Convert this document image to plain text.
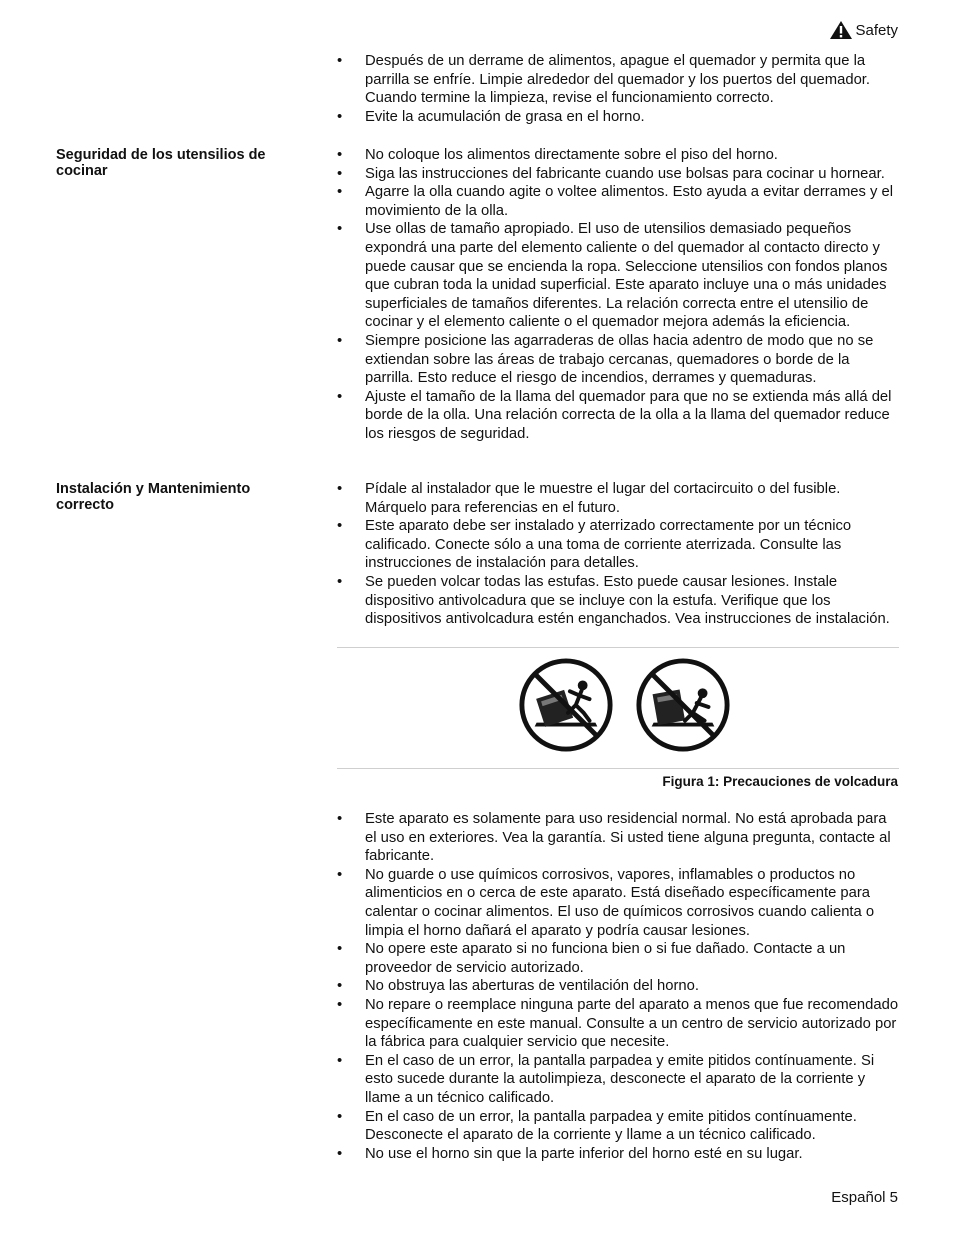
Safety
• Después de un derrame de alimentos, apague el quemador y permita que la parrilla se enfríe. Limpie alrededor del quemador y los puertos del quemador. Cuando termine la limpieza, revise el funcionamiento correcto.
• Evite la acumulación de grasa en el horno.
Seguridad de los utensilios de cocinar
• No coloque los alimentos directamente sobre el piso del horno.
• Siga las instrucciones del fabricante cuando use bolsas para cocinar u hornear.
• Agarre la olla cuando agite o voltee alimentos. Esto ayuda a evitar derrames y el movimiento de la olla.
• Use ollas de tamaño apropiado. El uso de utensilios demasiado pequeños expondrá una parte del elemento caliente o del quemador al contacto directo y puede causar que se encienda la ropa. Seleccione utensilios con fondos planos que cubran toda la unidad superficial. Este aparato incluye una o más unidades superficiales de tamaños diferentes. La relación correcta entre el utensilio de cocinar y el elemento caliente o el quemador mejora además la eficiencia.
• Siempre posicione las agarraderas de ollas hacia adentro de modo que no se extiendan sobre las áreas de trabajo cercanas, quemadores o borde de la parrilla. Esto reduce el riesgo de incendios, derrames y quemaduras.
• Ajuste el tamaño de la llama del quemador para que no se extienda más allá del borde de la olla. Una relación correcta de la olla a la llama del quemador reduce los riesgos de seguridad.
Instalación y Mantenimiento correcto
• Pídale al instalador que le muestre el lugar del cortacircuito o del fusible. Márquelo para referencias en el futuro.
• Este aparato debe ser instalado y aterrizado correctamente por un técnico calificado. Conecte sólo a una toma de corriente aterrizada. Consulte las instrucciones de instalación para detalles.
• Se pueden volcar todas las estufas. Esto puede causar lesiones. Instale dispositivo antivolcadura que se incluye con la estufa. Verifique que los dispositivos antivolcadura estén enganchados. Vea instrucciones de instalación.
Figura 1: Precauciones de volcadura
• Este aparato es solamente para uso residencial normal. No está aprobada para el uso en exteriores. Vea la garantía. Si usted tiene alguna pregunta, contacte al fabricante.
• No guarde o use químicos corrosivos, vapores, inflamables o productos no alimenticios en o cerca de este aparato. Está diseñado específicamente para calentar o cocinar alimentos. El uso de químicos corrosivos cuando calienta o limpia el horno dañará el aparato y podría causar lesiones.
• No opere este aparato si no funciona bien o si fue dañado. Contacte a un proveedor de servicio autorizado.
• No obstruya las aberturas de ventilación del horno.
• No repare o reemplace ninguna parte del aparato a menos que fue recomendado específicamente en este manual. Consulte a un centro de servicio autorizado por la fábrica para cualquier servicio que necesite.
• En el caso de un error, la pantalla parpadea y emite pitidos contínuamente. Si esto sucede durante la autolimpieza, desconecte el aparato de la corriente y llame a un técnico calificado.
• En el caso de un error, la pantalla parpadea y emite pitidos contínuamente. Desconecte el aparato de la corriente y llame a un técnico calificado.
• No use el horno sin que la parte inferior del horno esté en su lugar.
Español 5
